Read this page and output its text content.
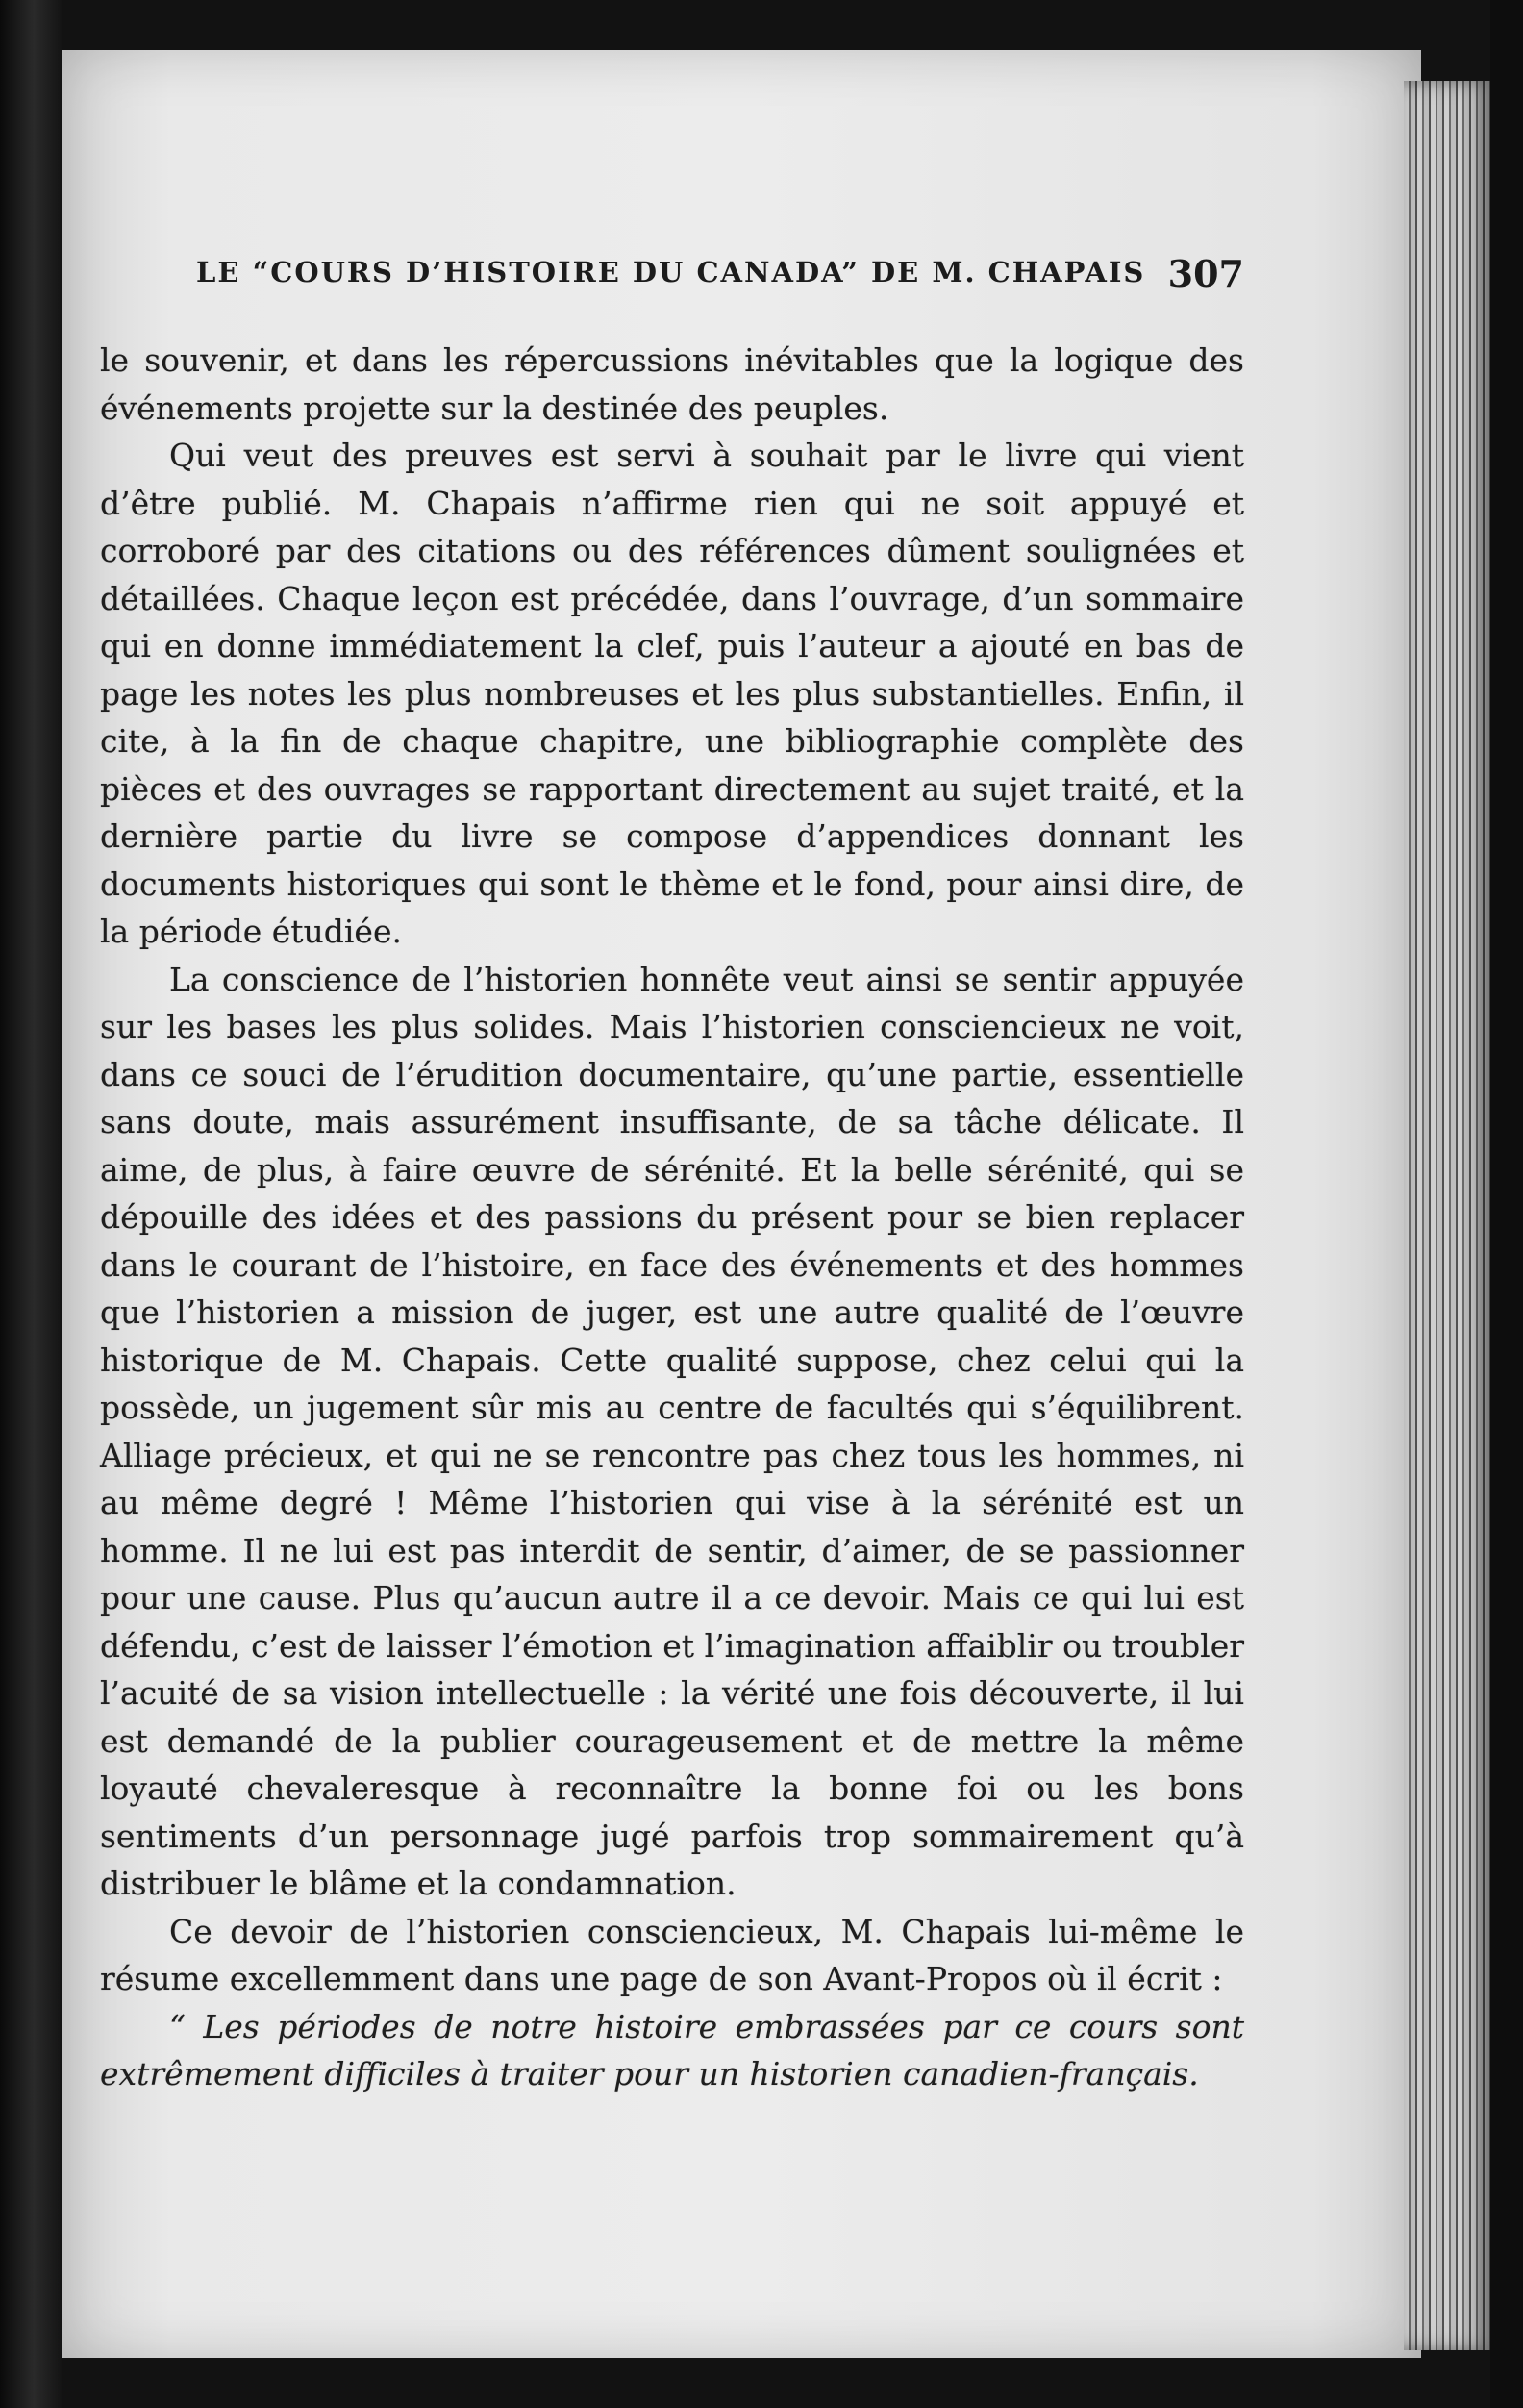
LE “COURS D’HISTOIRE DU CANADA” DE M. CHAPAIS 307

le souvenir, et dans les répercussions inévitables que la logique des événements projette sur la destinée des peuples.

Qui veut des preuves est servi à souhait par le livre qui vient d’être publié. M. Chapais n’affirme rien qui ne soit appuyé et corroboré par des citations ou des références dûment soulignées et détaillées. Chaque leçon est précédée, dans l’ouvrage, d’un sommaire qui en donne immédiatement la clef, puis l’auteur a ajouté en bas de page les notes les plus nombreuses et les plus substantielles. Enfin, il cite, à la fin de chaque chapitre, une bibliographie complète des pièces et des ouvrages se rapportant directement au sujet traité, et la dernière partie du livre se compose d’appendices donnant les documents historiques qui sont le thème et le fond, pour ainsi dire, de la période étudiée.

La conscience de l’historien honnête veut ainsi se sentir appuyée sur les bases les plus solides. Mais l’historien consciencieux ne voit, dans ce souci de l’érudition documentaire, qu’une partie, essentielle sans doute, mais assurément insuffisante, de sa tâche délicate. Il aime, de plus, à faire œuvre de sérénité. Et la belle sérénité, qui se dépouille des idées et des passions du présent pour se bien replacer dans le courant de l’histoire, en face des événements et des hommes que l’historien a mission de juger, est une autre qualité de l’œuvre historique de M. Chapais. Cette qualité suppose, chez celui qui la possède, un jugement sûr mis au centre de facultés qui s’équilibrent. Alliage précieux, et qui ne se rencontre pas chez tous les hommes, ni au même degré ! Même l’historien qui vise à la sérénité est un homme. Il ne lui est pas interdit de sentir, d’aimer, de se passionner pour une cause. Plus qu’aucun autre il a ce devoir. Mais ce qui lui est défendu, c’est de laisser l’émotion et l’imagination affaiblir ou troubler l’acuité de sa vision intellectuelle : la vérité une fois découverte, il lui est demandé de la publier courageusement et de mettre la même loyauté chevaleresque à reconnaître la bonne foi ou les bons sentiments d’un personnage jugé parfois trop sommairement qu’à distribuer le blâme et la condamnation.

Ce devoir de l’historien consciencieux, M. Chapais lui-même le résume excellemment dans une page de son Avant-Propos où il écrit :

“ Les périodes de notre histoire embrassées par ce cours sont extrêmement difficiles à traiter pour un historien canadien-français.
